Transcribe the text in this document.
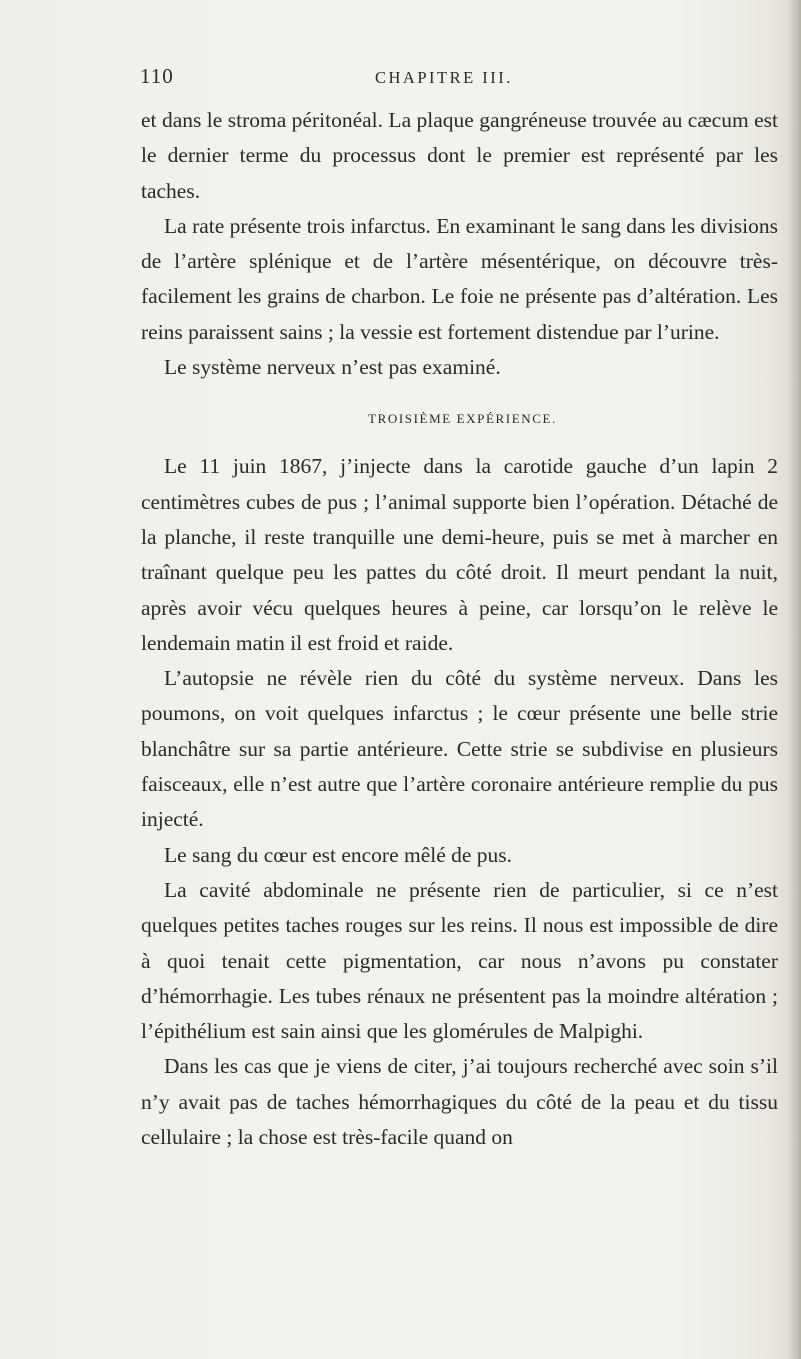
110	CHAPITRE III.

et dans le stroma péritonéal. La plaque gangréneuse trouvée au cæcum est le dernier terme du processus dont le premier est représenté par les taches.

La rate présente trois infarctus. En examinant le sang dans les divisions de l’artère splénique et de l’artère mésentérique, on découvre très-facilement les grains de charbon. Le foie ne présente pas d’altération. Les reins paraissent sains ; la vessie est fortement distendue par l’urine.

Le système nerveux n’est pas examiné.

TROISIÈME EXPÉRIENCE.

Le 11 juin 1867, j’injecte dans la carotide gauche d’un lapin 2 centimètres cubes de pus ; l’animal supporte bien l’opération. Détaché de la planche, il reste tranquille une demi-heure, puis se met à marcher en traînant quelque peu les pattes du côté droit. Il meurt pendant la nuit, après avoir vécu quelques heures à peine, car lorsqu’on le relève le lendemain matin il est froid et raide.

L’autopsie ne révèle rien du côté du système nerveux. Dans les poumons, on voit quelques infarctus ; le cœur présente une belle strie blanchâtre sur sa partie antérieure. Cette strie se subdivise en plusieurs faisceaux, elle n’est autre que l’artère coronaire antérieure remplie du pus injecté.

Le sang du cœur est encore mêlé de pus.

La cavité abdominale ne présente rien de particulier, si ce n’est quelques petites taches rouges sur les reins. Il nous est impossible de dire à quoi tenait cette pigmentation, car nous n’avons pu constater d’hémorrhagie. Les tubes rénaux ne présentent pas la moindre altération ; l’épithélium est sain ainsi que les glomérules de Malpighi.

Dans les cas que je viens de citer, j’ai toujours recherché avec soin s’il n’y avait pas de taches hémorrhagiques du côté de la peau et du tissu cellulaire ; la chose est très-facile quand on
